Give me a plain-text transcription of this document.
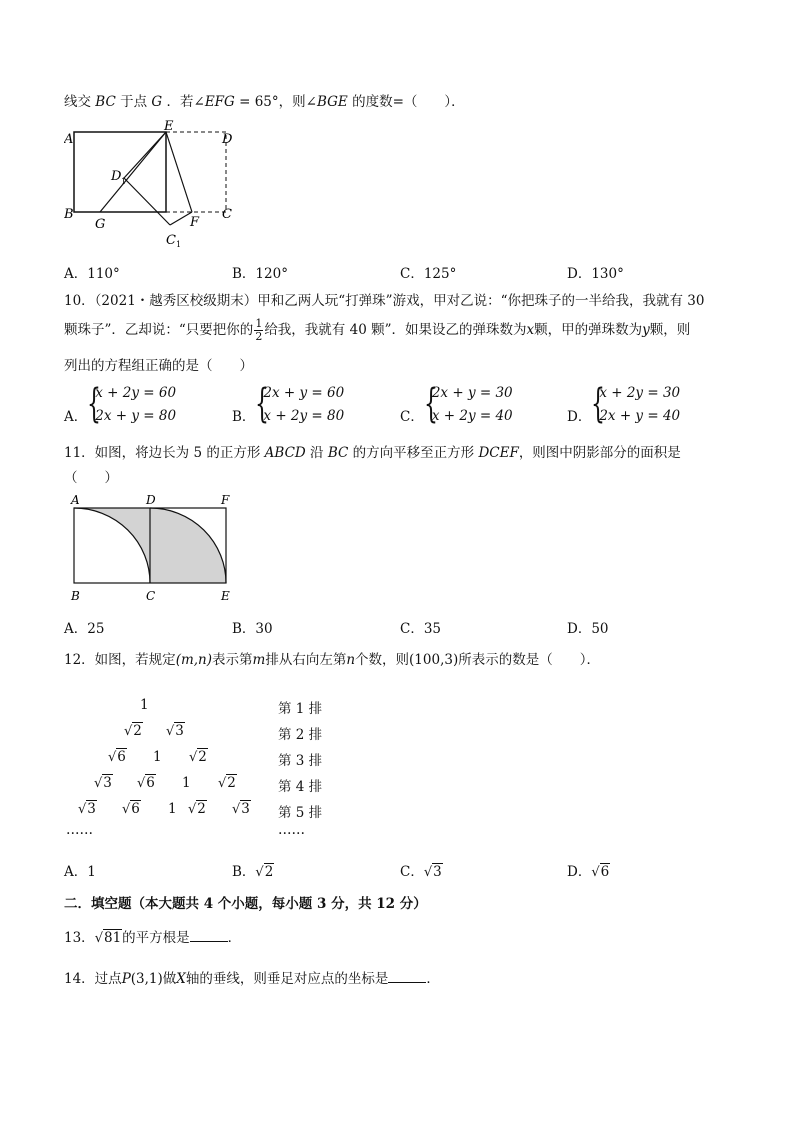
线交 BC 于点 G ．若∠EFG = 65°，则∠BGE 的度数=（　　）．
A
E
D
D 1
B
G	F
C
C 1
A．110°	B．120°	C．125°	D．130°
10．（2021・越秀区校级期末）甲和乙两人玩“打弹珠”游戏，甲对乙说：“你把珠子的一半给我，我就有 30
颗珠子”．乙却说：“只要把你的 $\frac{1}{2}$ 给我，我就有 40 颗”．如果设乙的弹珠数为x颗，甲的弹珠数为y颗，则
列出的方程组正确的是（　　）
A． {
x + 2y = 60
2x + y = 80	B． {
2x + y = 60
x + 2y = 80	C． {
2x + y = 30
x + 2y = 40	D． {
x + 2y = 30
2x + y = 40
11．如图，将边长为 5 的正方形 ABCD 沿 BC 的方向平移至正方形 DCEF，则图中阴影部分的面积是
（　　）
A	D	F
B	C	E
A．25	B．30	C．35	D．50
12．如图，若规定(m,n)表示第m排从右向左第n个数，则(100,3)所表示的数是（　　）．
1
√2 √3
√6 1 √2
√3 √6 1 √2
√3 √6 1 √2 √3
……
第 1 排
第 2 排
第 3 排
第 4 排
第 5 排
……
A．1	B．√2	C．√3	D．√6
二．填空题（本大题共 4 个小题，每小题 3 分，共 12 分）
13．√81的平方根是	．
14．过点P(3,1)做X轴的垂线，则垂足对应点的坐标是	．
